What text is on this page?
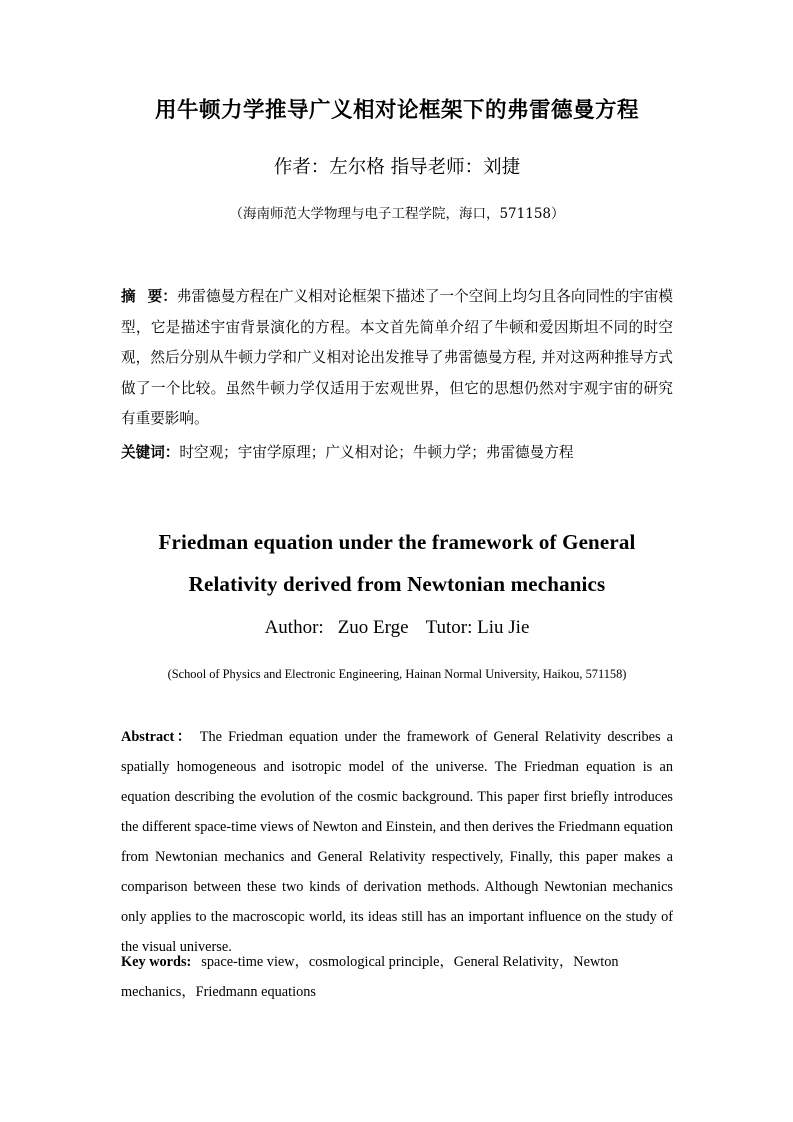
用牛顿力学推导广义相对论框架下的弗雷德曼方程
作者：左尔格 指导老师：刘捷
（海南师范大学物理与电子工程学院，海口，571158）
摘 要：弗雷德曼方程在广义相对论框架下描述了一个空间上均匀且各向同性的宇宙模型，它是描述宇宙背景演化的方程。本文首先简单介绍了牛顿和爱因斯坦不同的时空观，然后分别从牛顿力学和广义相对论出发推导了弗雷德曼方程, 并对这两种推导方式做了一个比较。虽然牛顿力学仅适用于宏观世界，但它的思想仍然对宇观宇宙的研究有重要影响。
关键词：时空观；宇宙学原理；广义相对论；牛顿力学；弗雷德曼方程
Friedman equation under the framework of General
Relativity derived from Newtonian mechanics
Author: Zuo Erge Tutor: Liu Jie
(School of Physics and Electronic Engineering, Hainan Normal University, Haikou, 571158)
Abstract： The Friedman equation under the framework of General Relativity describes a spatially homogeneous and isotropic model of the universe. The Friedman equation is an equation describing the evolution of the cosmic background. This paper first briefly introduces the different space-time views of Newton and Einstein, and then derives the Friedmann equation from Newtonian mechanics and General Relativity respectively, Finally, this paper makes a comparison between these two kinds of derivation methods. Although Newtonian mechanics only applies to the macroscopic world, its ideas still has an important influence on the study of the visual universe.
Key words: space-time view，cosmological principle，General Relativity，Newton mechanics，Friedmann equations
